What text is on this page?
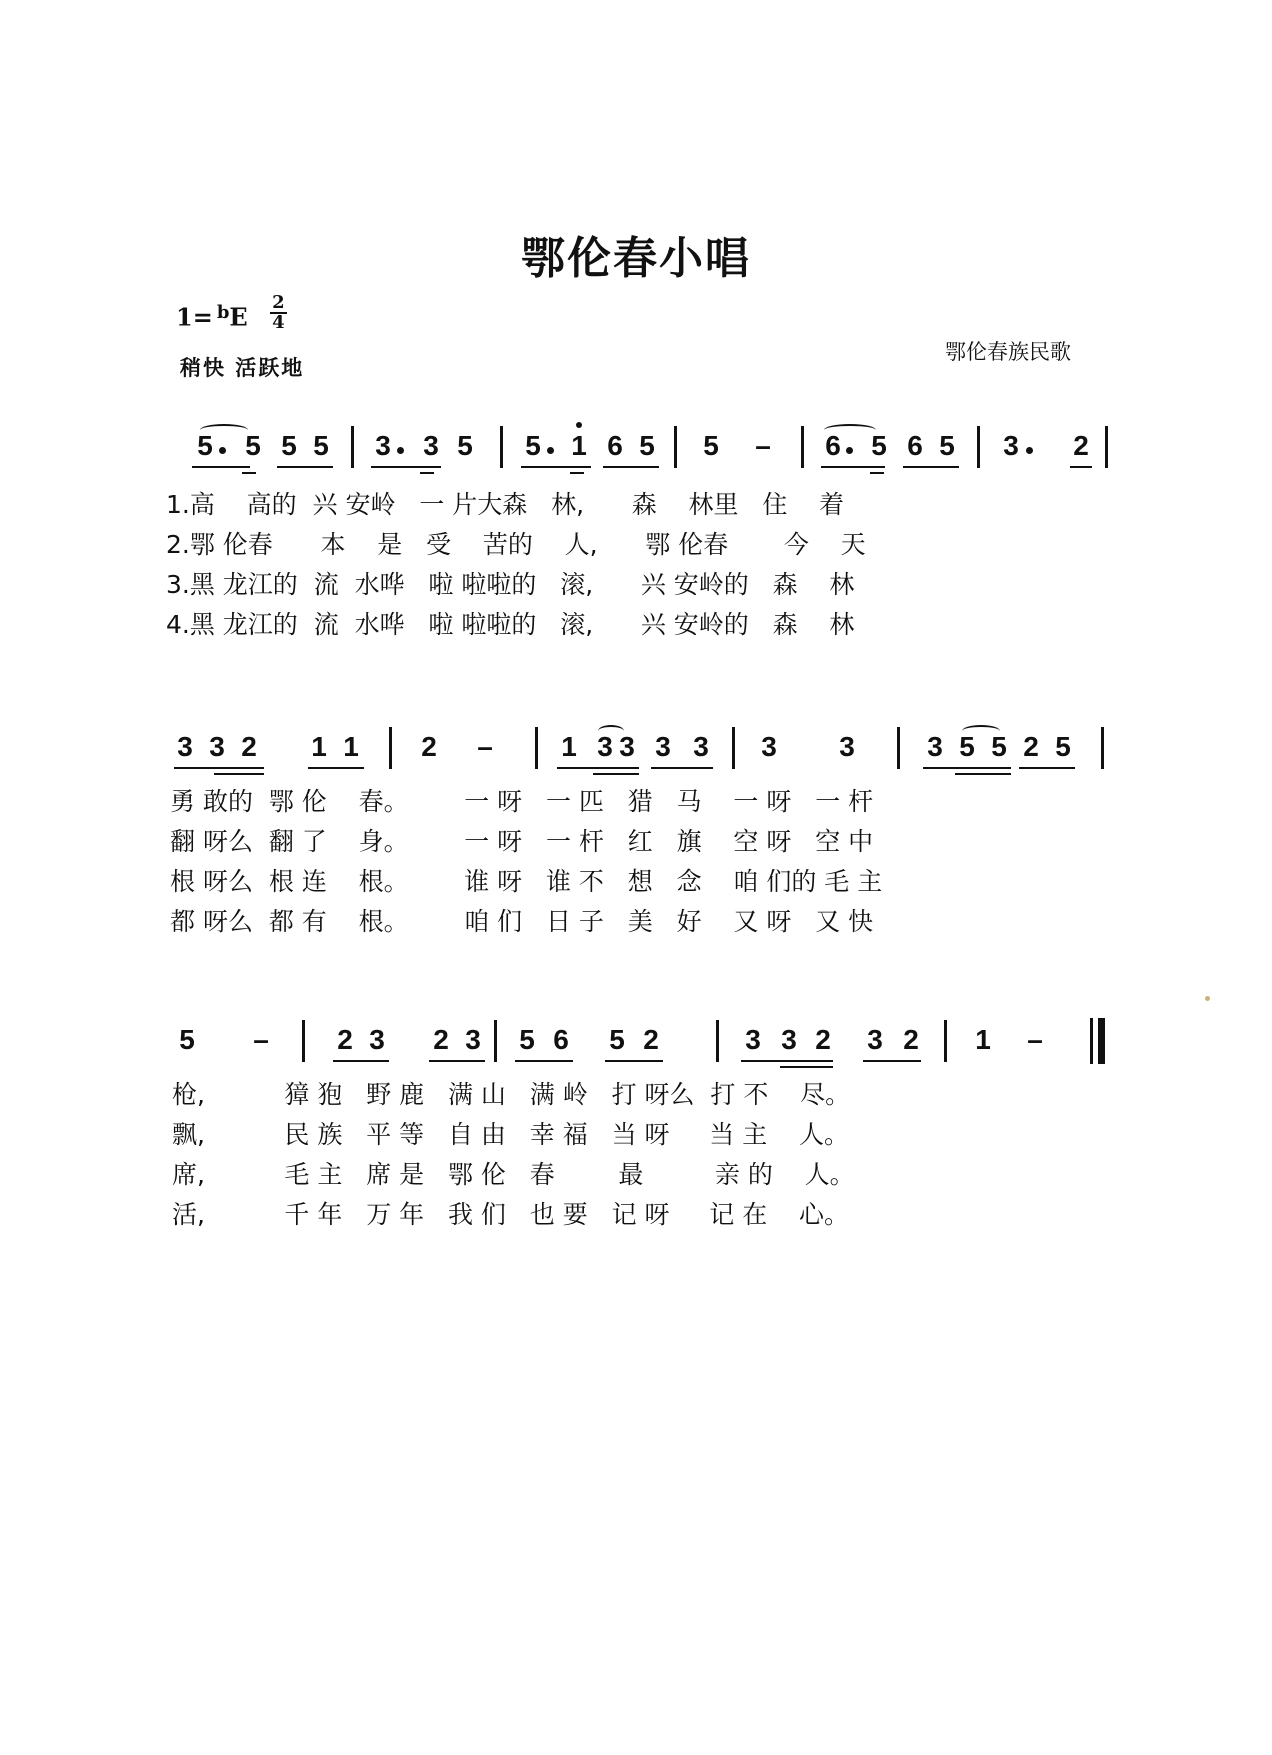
鄂伦春小唱
$1= ^bE \frac{2}{4}$
稍快 活跃地
鄂伦春族民歌
5 5 5 5 3 3 5 5 1 6 5 5 – 6 5 6 5 3 2
1.高    高的  兴 安岭   一 片大森   林,      森    林里   住    着
2.鄂 伦春      本    是   受    苦的    人,      鄂 伦春       今    天
3.黑 龙江的  流  水哗   啦 啦啦的   滚,      兴 安岭的   森    林
4.黑 龙江的  流  水哗   啦 啦啦的   滚,      兴 安岭的   森    林
3 3 2 1 1 2 – 1 3 3 3 3 3 3	3 5 5 2 5
勇 敢的  鄂 伦    春。       一 呀   一 匹   猎   马    一 呀   一 杆
翻 呀么  翻 了    身。       一 呀   一 杆   红   旗    空 呀   空 中
根 呀么  根 连    根。       谁 呀   谁 不   想   念    咱 们的 毛 主
都 呀么  都 有    根。       咱 们   日 子   美   好    又 呀   又 快
5 – 2 3 2 3 5 6 5 2	3 3 2 3 2 1 –
枪,          獐 狍   野 鹿   满 山   满 岭   打 呀么  打 不    尽。
飘,          民 族   平 等   自 由   幸 福   当 呀     当 主    人。
席,          毛 主   席 是   鄂 伦   春        最         亲 的    人。
活,          千 年   万 年   我 们   也 要   记 呀     记 在    心。
